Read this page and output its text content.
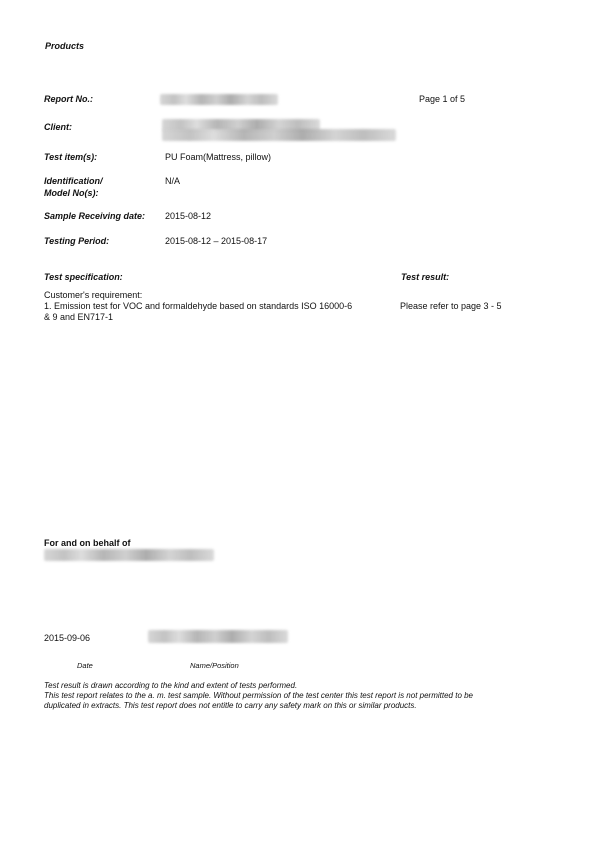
Products
Report No.:	Page 1 of 5
Client:
Test item(s):	PU Foam(Mattress, pillow)
Identification/
Model No(s):
N/A
Sample Receiving date: 2015-08-12
Testing Period:	2015-08-12 – 2015-08-17
Test specification:	Test result:
Customer's requirement:
1. Emission test for VOC and formaldehyde based on standards ISO 16000-6
& 9 and EN717-1
Please refer to page 3 - 5
For and on behalf of
2015-09-06
Date	Name/Position
Test result is drawn according to the kind and extent of tests performed.
This test report relates to the a. m. test sample. Without permission of the test center this test report is not permitted to be
duplicated in extracts. This test report does not entitle to carry any safety mark on this or similar products.
